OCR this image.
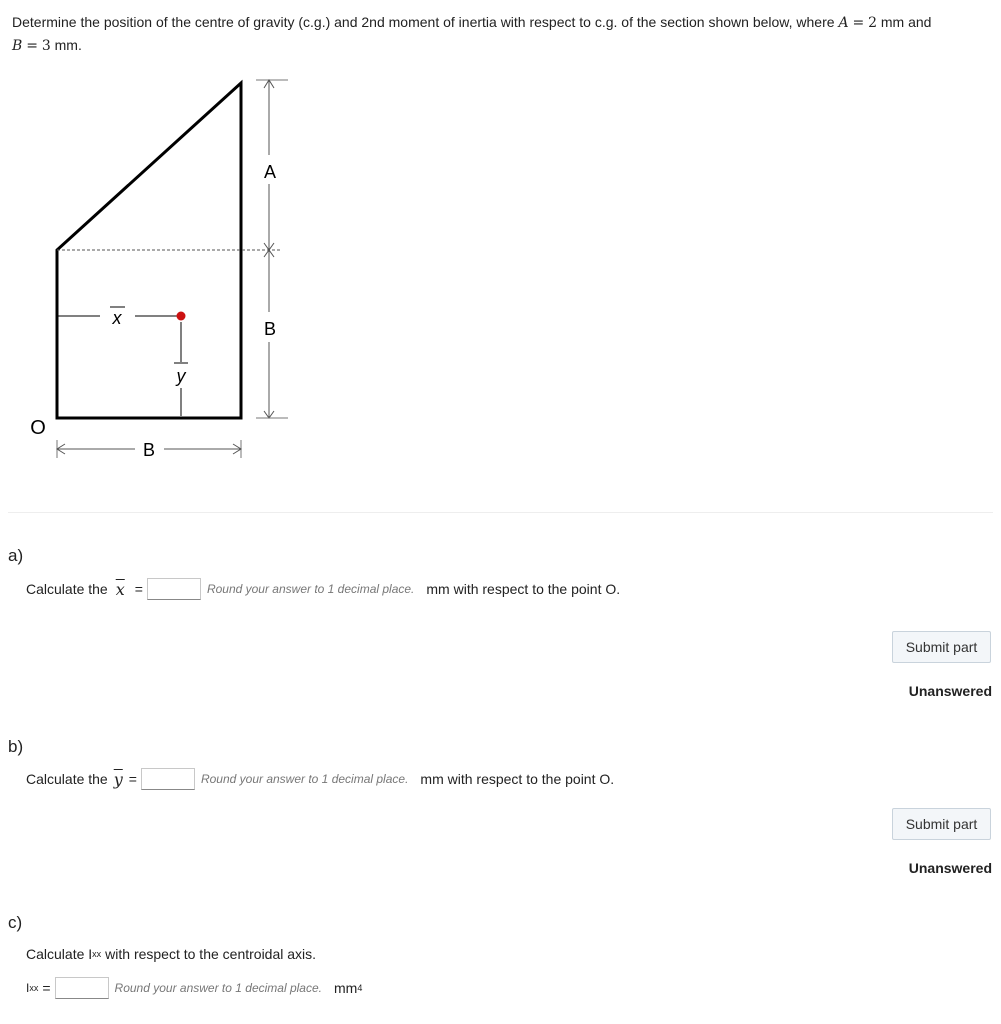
Determine the position of the centre of gravity (c.g.) and 2nd moment of inertia with respect to c.g. of the section shown below, where A = 2 mm and
B = 3 mm.
x
y
A
B
B
O
a)
Calculate the $\overline{x}$ =	Round your answer to 1 decimal place. mm with respect to the point O.
Submit part
Unanswered
b)
Calculate the $\overline{y}$ =	Round your answer to 1 decimal place. mm with respect to the point O.
Submit part
Unanswered
c)
Calculate I xx with respect to the centroidal axis.
I xx =	Round your answer to 1 decimal place. mm 4
